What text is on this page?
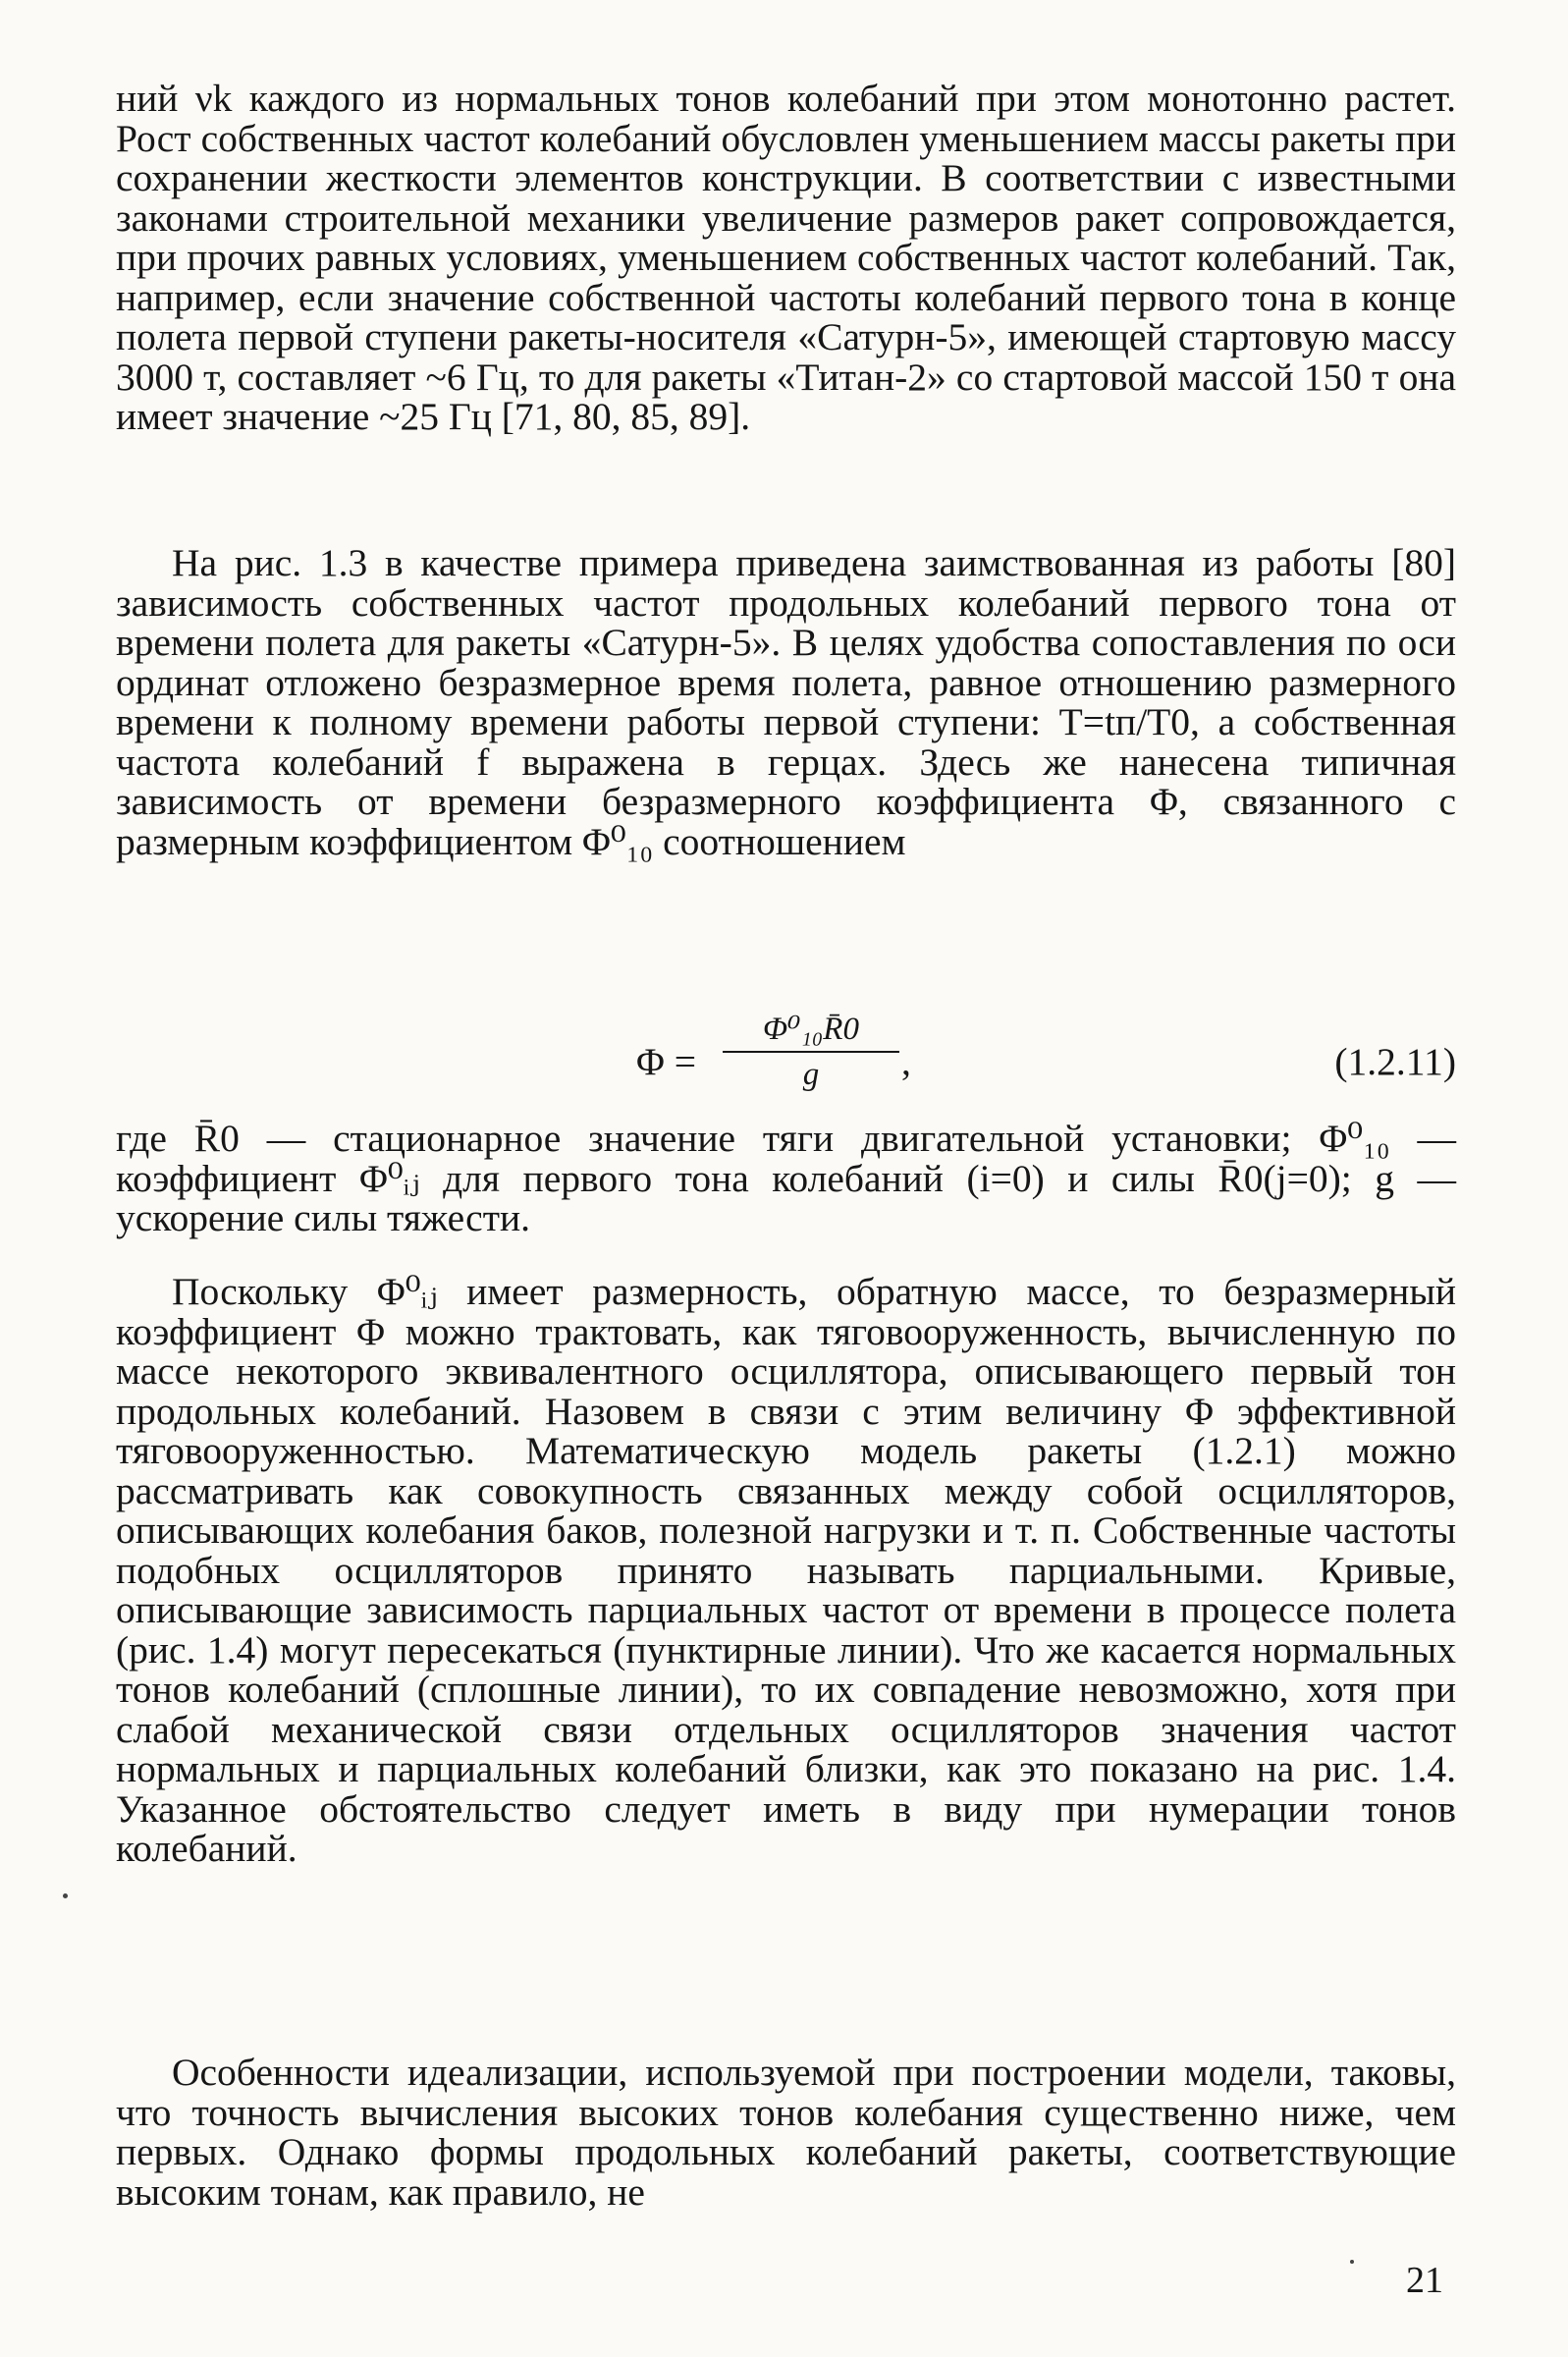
ний νk каждого из нормальных тонов колебаний при этом монотонно растет. Рост собственных частот колебаний обусловлен уменьшением массы ракеты при сохранении жесткости элементов конструкции. В соответствии с известными законами строительной механики увеличение размеров ракет сопровождается, при прочих равных условиях, уменьшением собственных частот колебаний. Так, например, если значение собственной частоты колебаний первого тона в конце полета первой ступени ракеты-носителя «Сатурн-5», имеющей стартовую массу 3000 т, составляет ~6 Гц, то для ракеты «Титан-2» со стартовой массой 150 т она имеет значение ~25 Гц [71, 80, 85, 89].

На рис. 1.3 в качестве примера приведена заимствованная из работы [80] зависимость собственных частот продольных колебаний первого тона от времени полета для ракеты «Сатурн-5». В целях удобства сопоставления по оси ординат отложено безразмерное время полета, равное отношению размерного времени к полному времени работы первой ступени: T=tп/T0, а собственная частота колебаний f выражена в герцах. Здесь же нанесена типичная зависимость от времени безразмерного коэффициента Φ, связанного с размерным коэффициентом Φ⁰₁₀ соотношением

Φ =
Φ⁰₁₀R̄0
g	,	(1.2.11)

где R̄0 — стационарное значение тяги двигательной установки; Φ⁰₁₀ — коэффициент Φ⁰ᵢⱼ для первого тона колебаний (i=0) и силы R̄0(j=0); g — ускорение силы тяжести.

Поскольку Φ⁰ᵢⱼ имеет размерность, обратную массе, то безразмерный коэффициент Φ можно трактовать, как тяговооруженность, вычисленную по массе некоторого эквивалентного осциллятора, описывающего первый тон продольных колебаний. Назовем в связи с этим величину Φ эффективной тяговооруженностью. Математическую модель ракеты (1.2.1) можно рассматривать как совокупность связанных между собой осцилляторов, описывающих колебания баков, полезной нагрузки и т. п. Собственные частоты подобных осцилляторов принято называть парциальными. Кривые, описывающие зависимость парциальных частот от времени в процессе полета (рис. 1.4) могут пересекаться (пунктирные линии). Что же касается нормальных тонов колебаний (сплошные линии), то их совпадение невозможно, хотя при слабой механической связи отдельных осцилляторов значения частот нормальных и парциальных колебаний близки, как это показано на рис. 1.4. Указанное обстоятельство следует иметь в виду при нумерации тонов колебаний.

Особенности идеализации, используемой при построении модели, таковы, что точность вычисления высоких тонов колебания существенно ниже, чем первых. Однако формы продольных колебаний ракеты, соответствующие высоким тонам, как правило, не

21
